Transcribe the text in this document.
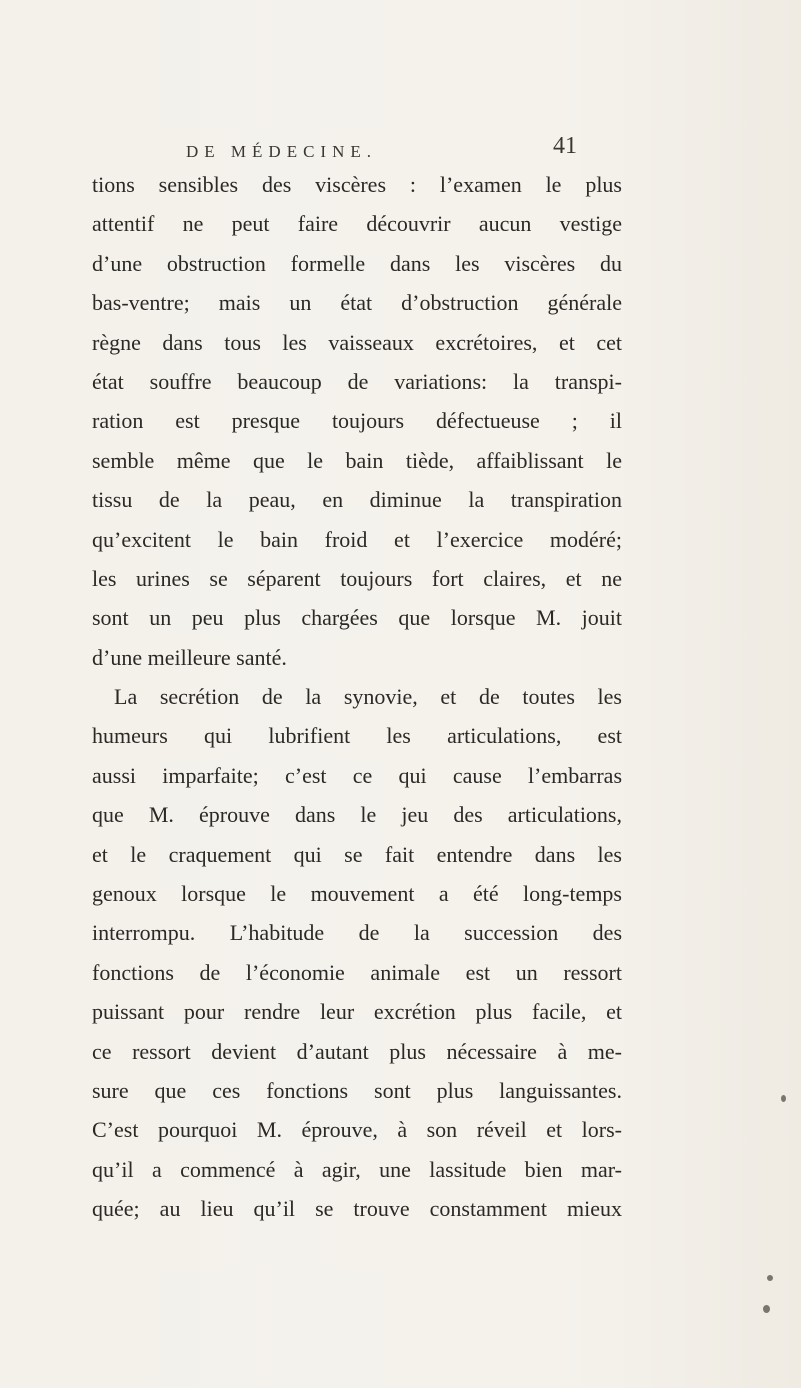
DE MÉDECINE.	41
tions sensibles des viscères : l’examen le plus
attentif ne peut faire découvrir aucun vestige
d’une obstruction formelle dans les viscères du
bas-ventre; mais un état d’obstruction générale
règne dans tous les vaisseaux excrétoires, et cet
état souffre beaucoup de variations: la transpi-
ration est presque toujours défectueuse ; il
semble même que le bain tiède, affaiblissant le
tissu de la peau, en diminue la transpiration
qu’excitent le bain froid et l’exercice modéré;
les urines se séparent toujours fort claires, et ne
sont un peu plus chargées que lorsque M. jouit
d’une meilleure santé.
La secrétion de la synovie, et de toutes les
humeurs qui lubrifient les articulations, est
aussi imparfaite; c’est ce qui cause l’embarras
que M. éprouve dans le jeu des articulations,
et le craquement qui se fait entendre dans les
genoux lorsque le mouvement a été long-temps
interrompu. L’habitude de la succession des
fonctions de l’économie animale est un ressort
puissant pour rendre leur excrétion plus facile, et
ce ressort devient d’autant plus nécessaire à me-
sure que ces fonctions sont plus languissantes.
C’est pourquoi M. éprouve, à son réveil et lors-
qu’il a commencé à agir, une lassitude bien mar-
quée; au lieu qu’il se trouve constamment mieux
